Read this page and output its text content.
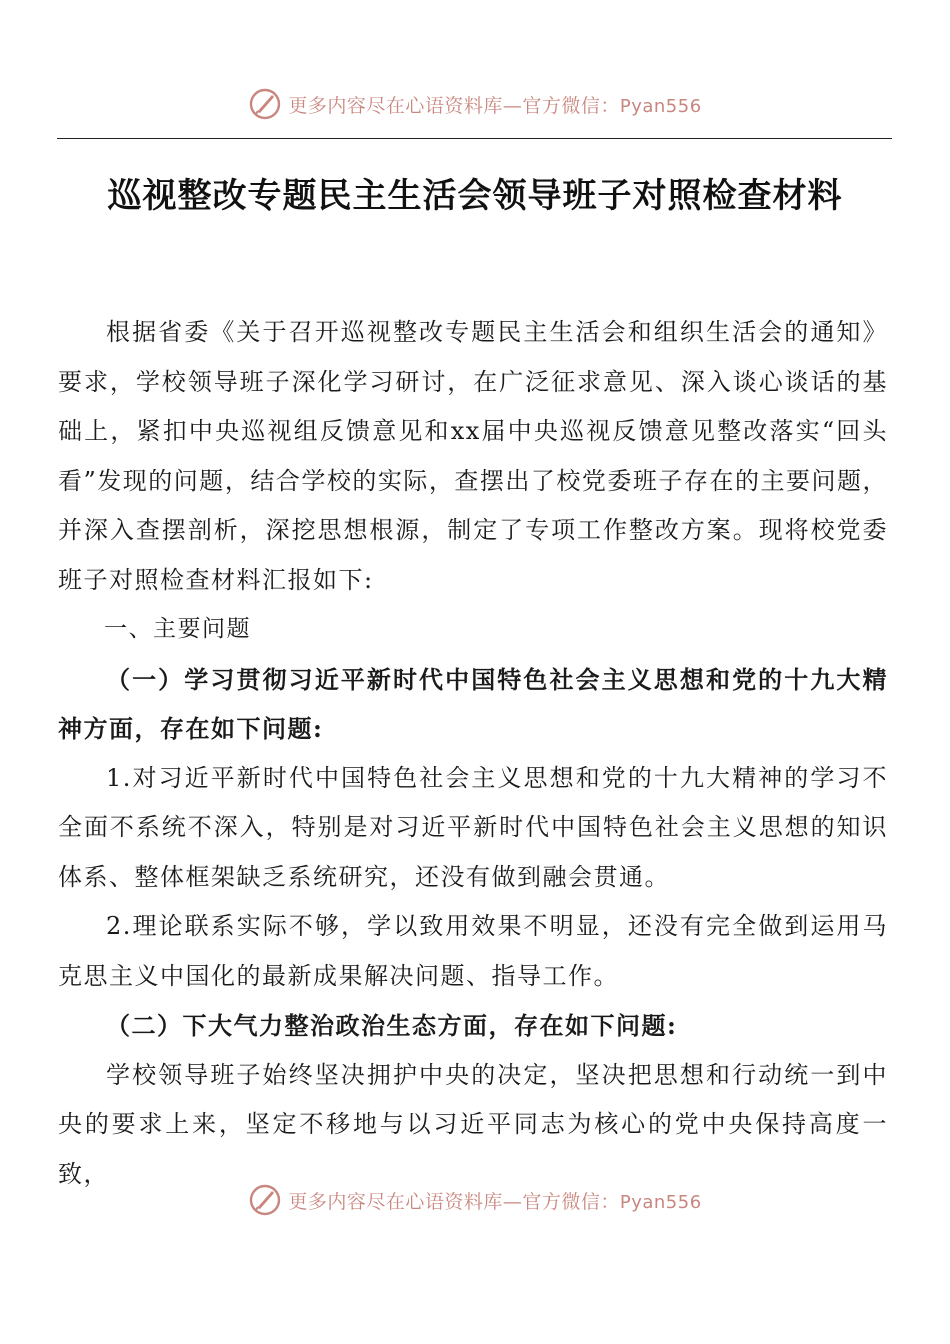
更多内容尽在心语资料库—官方微信：Pyan556
巡视整改专题民主生活会领导班子对照检查材料

根据省委《关于召开巡视整改专题民主生活会和组织生活会的通知》要求，学校领导班子深化学习研讨，在广泛征求意见、深入谈心谈话的基础上，紧扣中央巡视组反馈意见和xx届中央巡视反馈意见整改落实“回头看”发现的问题，结合学校的实际，查摆出了校党委班子存在的主要问题，并深入查摆剖析，深挖思想根源，制定了专项工作整改方案。现将校党委班子对照检查材料汇报如下:

一、主要问题

（一）学习贯彻习近平新时代中国特色社会主义思想和党的十九大精神方面，存在如下问题:

1.对习近平新时代中国特色社会主义思想和党的十九大精神的学习不全面不系统不深入，特别是对习近平新时代中国特色社会主义思想的知识体系、整体框架缺乏系统研究，还没有做到融会贯通。

2.理论联系实际不够，学以致用效果不明显，还没有完全做到运用马克思主义中国化的最新成果解决问题、指导工作。

（二）下大气力整治政治生态方面，存在如下问题:

学校领导班子始终坚决拥护中央的决定，坚决把思想和行动统一到中央的要求上来，坚定不移地与以习近平同志为核心的党中央保持高度一致，

更多内容尽在心语资料库—官方微信：Pyan556
